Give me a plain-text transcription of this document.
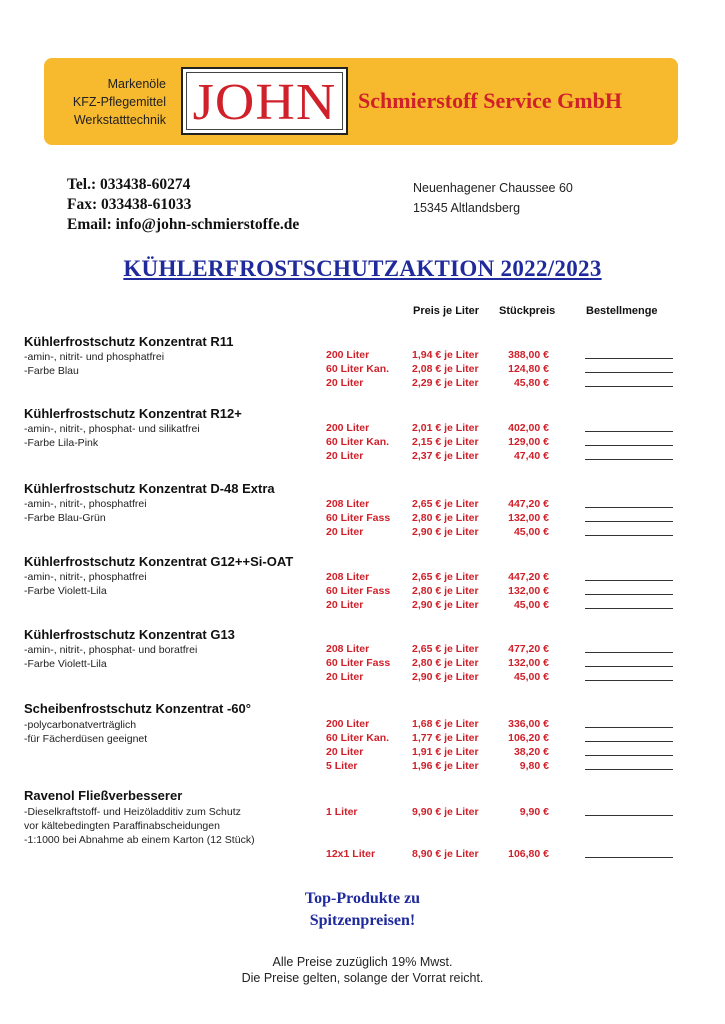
Markenöle
KFZ-Pflegemittel
Werkstatttechnik JOHN Schmierstoff Service GmbH
Tel.: 033438-60274
Fax: 033438-61033
Email: info@john-schmierstoffe.de
Neuenhagener Chaussee 60
15345 Altlandsberg
KÜHLERFROSTSCHUTZAKTION 2022/2023
Preis je Liter Stückpreis	Bestellmenge
Kühlerfrostschutz Konzentrat R11
-amin-, nitrit- und phosphatfrei
-Farbe Blau
200 Liter	1,94 € je Liter	388,00 €
60 Liter Kan. 2,08 € je Liter	124,80 €
20 Liter	2,29 € je Liter	45,80 €
Kühlerfrostschutz Konzentrat R12+
-amin-, nitrit-, phosphat- und silikatfrei
-Farbe Lila-Pink
200 Liter	2,01 € je Liter	402,00 €
60 Liter Kan. 2,15 € je Liter	129,00 €
20 Liter	2,37 € je Liter	47,40 €
Kühlerfrostschutz Konzentrat D-48 Extra
-amin-, nitrit-, phosphatfrei
-Farbe Blau-Grün
208 Liter	2,65 € je Liter	447,20 €
60 Liter Fass 2,80 € je Liter	132,00 €
20 Liter	2,90 € je Liter	45,00 €
Kühlerfrostschutz Konzentrat G12++Si-OAT
-amin-, nitrit-, phosphatfrei
-Farbe Violett-Lila
208 Liter	2,65 € je Liter	447,20 €
60 Liter Fass 2,80 € je Liter	132,00 €
20 Liter	2,90 € je Liter	45,00 €
Kühlerfrostschutz Konzentrat G13
-amin-, nitrit-, phosphat- und boratfrei
-Farbe Violett-Lila
208 Liter	2,65 € je Liter	477,20 €
60 Liter Fass 2,80 € je Liter	132,00 €
20 Liter	2,90 € je Liter	45,00 €
Scheibenfrostschutz Konzentrat -60°
-polycarbonatverträglich
-für Fächerdüsen geeignet
200 Liter	1,68 € je Liter	336,00 €
60 Liter Kan. 1,77 € je Liter	106,20 €
20 Liter	1,91 € je Liter	38,20 €
5 Liter	1,96 € je Liter	9,80 €
Ravenol Fließverbesserer
-Dieselkraftstoff- und Heizöladditiv zum Schutz
vor kältebedingten Paraffinabscheidungen
-1:1000 bei Abnahme ab einem Karton (12 Stück)
1 Liter	9,90 € je Liter	9,90 €
12x1 Liter	8,90 € je Liter	106,80 €
Top-Produkte zu
Spitzenpreisen!
Alle Preise zuzüglich 19% Mwst.
Die Preise gelten, solange der Vorrat reicht.
